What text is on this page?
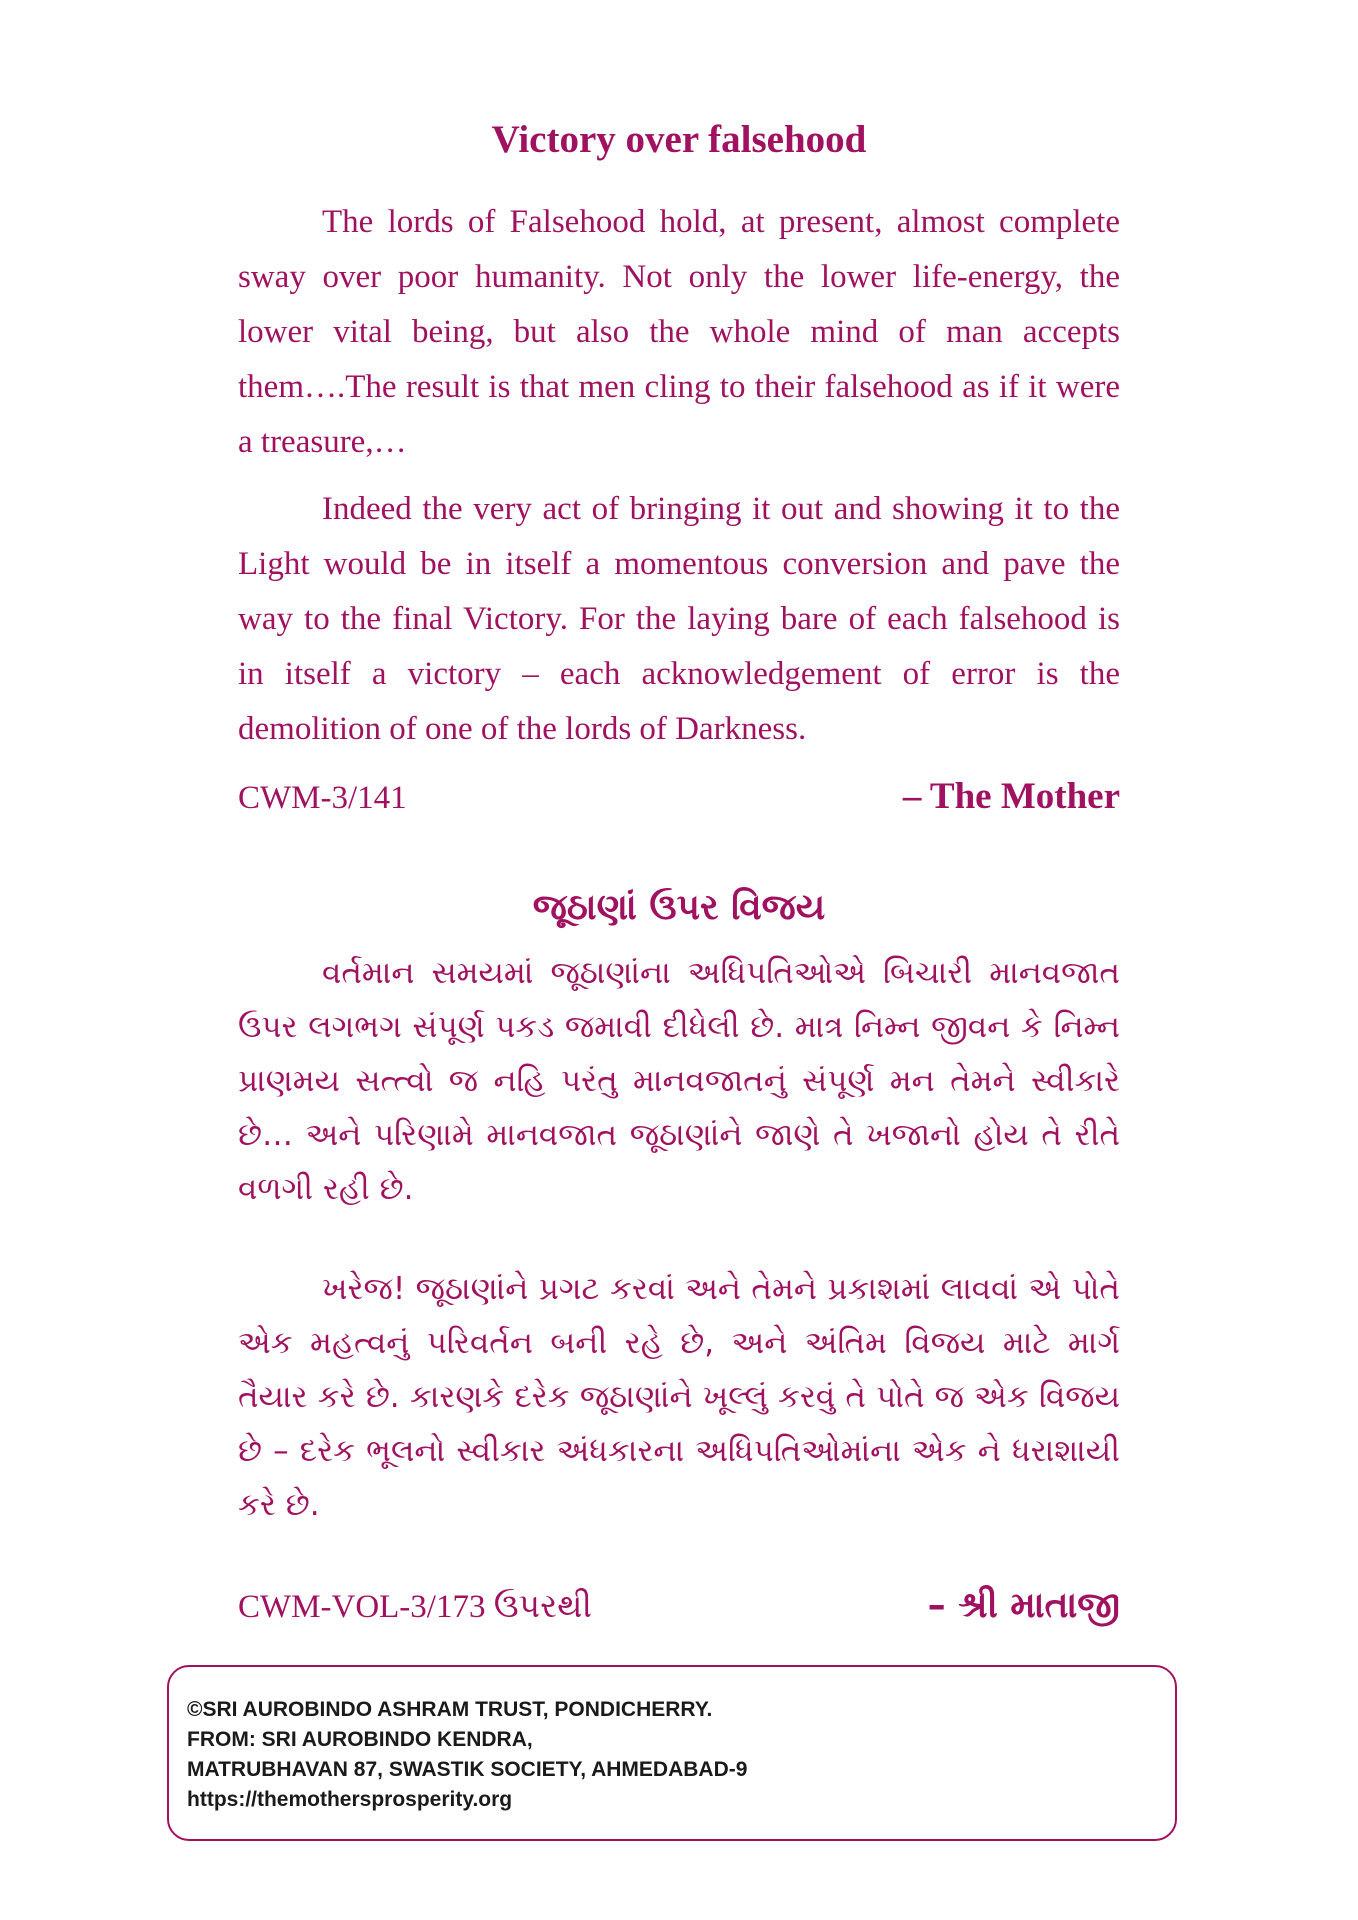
Victory over falsehood

The lords of Falsehood hold, at present, almost complete sway over poor humanity. Not only the lower life-energy, the lower vital being, but also the whole mind of man accepts them….The result is that men cling to their falsehood as if it were a treasure,…

Indeed the very act of bringing it out and showing it to the Light would be in itself a momentous conversion and pave the way to the final Victory. For the laying bare of each falsehood is in itself a victory – each acknowledgement of error is the demolition of one of the lords of Darkness.

CWM-3/141	– The Mother
જૂઠાણાં ઉપર વિજય

વર્તમાન સમયમાં જૂઠાણાંના અધિપતિઓએ બિચારી માનવજાત ઉપર લગભગ સંપૂર્ણ પકડ જમાવી દીધેલી છે. માત્ર નિમ્ન જીવન કે નિમ્ન પ્રાણમય સત્ત્વો જ નહિ પરંતુ માનવજાતનું સંપૂર્ણ મન તેમને સ્વીકારે છે… અને પરિણામે માનવજાત જૂઠાણાંને જાણે તે ખજાનો હોય તે રીતે વળગી રહી છે.

ખરેજ! જૂઠાણાંને પ્રગટ કરવાં અને તેમને પ્રકાશમાં લાવવાં એ પોતે એક મહત્વનું પરિવર્તન બની રહે છે, અને અંતિમ વિજય માટે માર્ગ તૈયાર કરે છે. કારણકે દરેક જૂઠાણાંને ખૂલ્લું કરવું તે પોતે જ એક વિજય છે – દરેક ભૂલનો સ્વીકાર અંધકારના અધિપતિઓમાંના એક ને ધરાશાયી કરે છે.

CWM-VOL-3/173 ઉપરથી	– શ્રી માતાજી
©SRI AUROBINDO ASHRAM TRUST, PONDICHERRY.
FROM: SRI AUROBINDO KENDRA,
MATRUBHAVAN 87, SWASTIK SOCIETY, AHMEDABAD-9
https://themothersprosperity.org
